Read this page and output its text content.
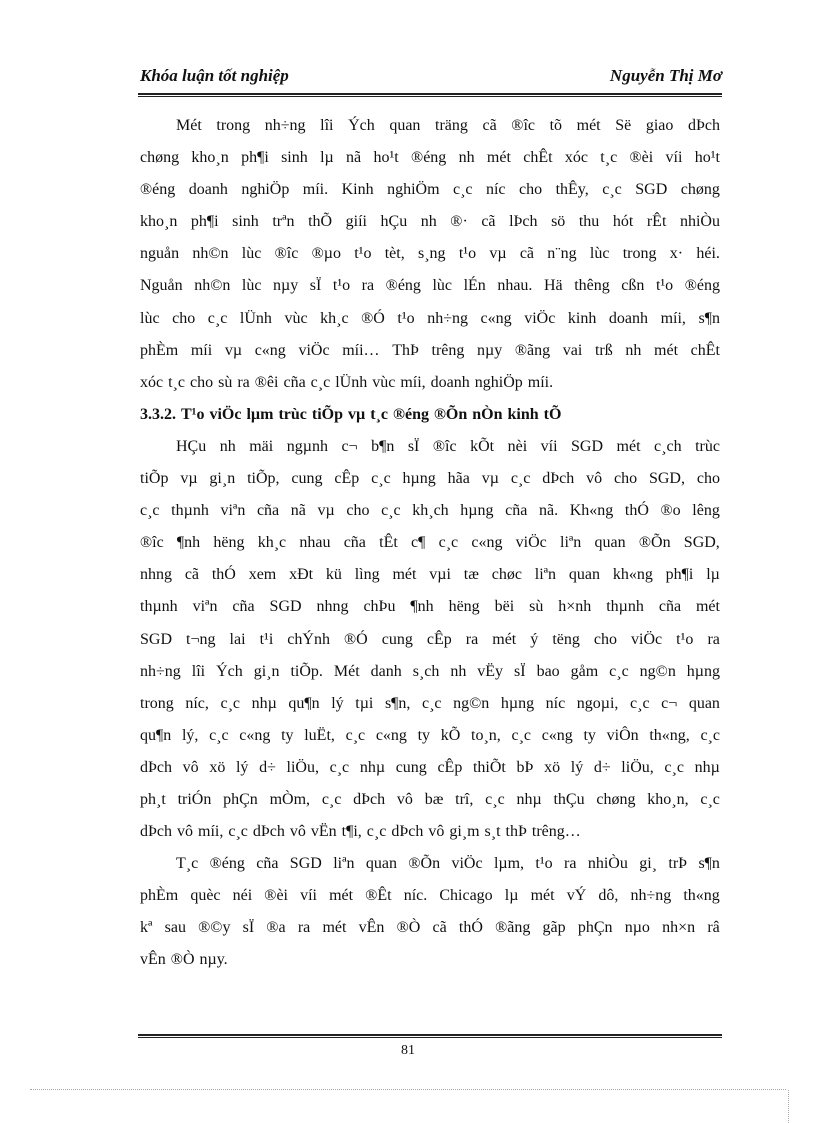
Khóa luận tốt nghiệp	Nguyễn Thị Mơ
Mét trong nh÷ng lîi Ých quan träng cã ®îc tõ mét Së giao dÞch
chøng kho¸n ph¶i sinh lµ nã ho¹t ®éng nh mét chÊt xóc t¸c ®èi víi ho¹t
®éng doanh nghiÖp míi. Kinh nghiÖm c¸c níc cho thÊy, c¸c SGD chøng
kho¸n ph¶i sinh trªn thÕ giíi hÇu nh ®· cã lÞch sö thu hót rÊt nhiÒu
nguån nh©n lùc ®îc ®µo t¹o tèt, s¸ng t¹o vµ cã n¨ng lùc trong x· héi.
Nguån nh©n lùc nµy sÏ t¹o ra ®éng lùc lÉn nhau. Hä thêng cßn t¹o ®éng
lùc cho c¸c lÜnh vùc kh¸c ®Ó t¹o nh÷ng c«ng viÖc kinh doanh míi, s¶n
phÈm míi vµ c«ng viÖc míi… ThÞ trêng nµy ®ãng vai trß nh mét chÊt
xóc t¸c cho sù ra ®êi cña c¸c lÜnh vùc míi, doanh nghiÖp míi.
3.3.2. T¹o viÖc lµm trùc tiÕp vµ t¸c ®éng ®Õn nÒn kinh tÕ
HÇu nh mäi ngµnh c¬ b¶n sÏ ®îc kÕt nèi víi SGD mét c¸ch trùc
tiÕp vµ gi¸n tiÕp, cung cÊp c¸c hµng hãa vµ c¸c dÞch vô cho SGD, cho
c¸c thµnh viªn cña nã vµ cho c¸c kh¸ch hµng cña nã. Kh«ng thÓ ®o lêng
®îc ¶nh hëng kh¸c nhau cña tÊt c¶ c¸c c«ng viÖc liªn quan ®Õn SGD,
nhng cã thÓ xem xÐt kü lìng mét vµi tæ chøc liªn quan kh«ng ph¶i lµ
thµnh viªn cña SGD nhng chÞu ¶nh hëng bëi sù h×nh thµnh cña mét
SGD t¬ng lai t¹i chÝnh ®Ó cung cÊp ra mét ý tëng cho viÖc t¹o ra
nh÷ng lîi Ých gi¸n tiÕp. Mét danh s¸ch nh vËy sÏ bao gåm c¸c ng©n hµng
trong níc, c¸c nhµ qu¶n lý tµi s¶n, c¸c ng©n hµng níc ngoµi, c¸c c¬ quan
qu¶n lý, c¸c c«ng ty luËt, c¸c c«ng ty kÕ to¸n, c¸c c«ng ty viÔn th«ng, c¸c
dÞch vô xö lý d÷ liÖu, c¸c nhµ cung cÊp thiÕt bÞ xö lý d÷ liÖu, c¸c nhµ
ph¸t triÓn phÇn mÒm, c¸c dÞch vô bæ trî, c¸c nhµ thÇu chøng kho¸n, c¸c
dÞch vô míi, c¸c dÞch vô vËn t¶i, c¸c dÞch vô gi¸m s¸t thÞ trêng…
T¸c ®éng cña SGD liªn quan ®Õn viÖc lµm, t¹o ra nhiÒu gi¸ trÞ s¶n
phÈm quèc néi ®èi víi mét ®Êt níc. Chicago lµ mét vÝ dô, nh÷ng th«ng
kª sau ®©y sÏ ®a ra mét vÊn ®Ò cã thÓ ®ãng gãp phÇn nµo nh×n râ
vÊn ®Ò nµy.
81
